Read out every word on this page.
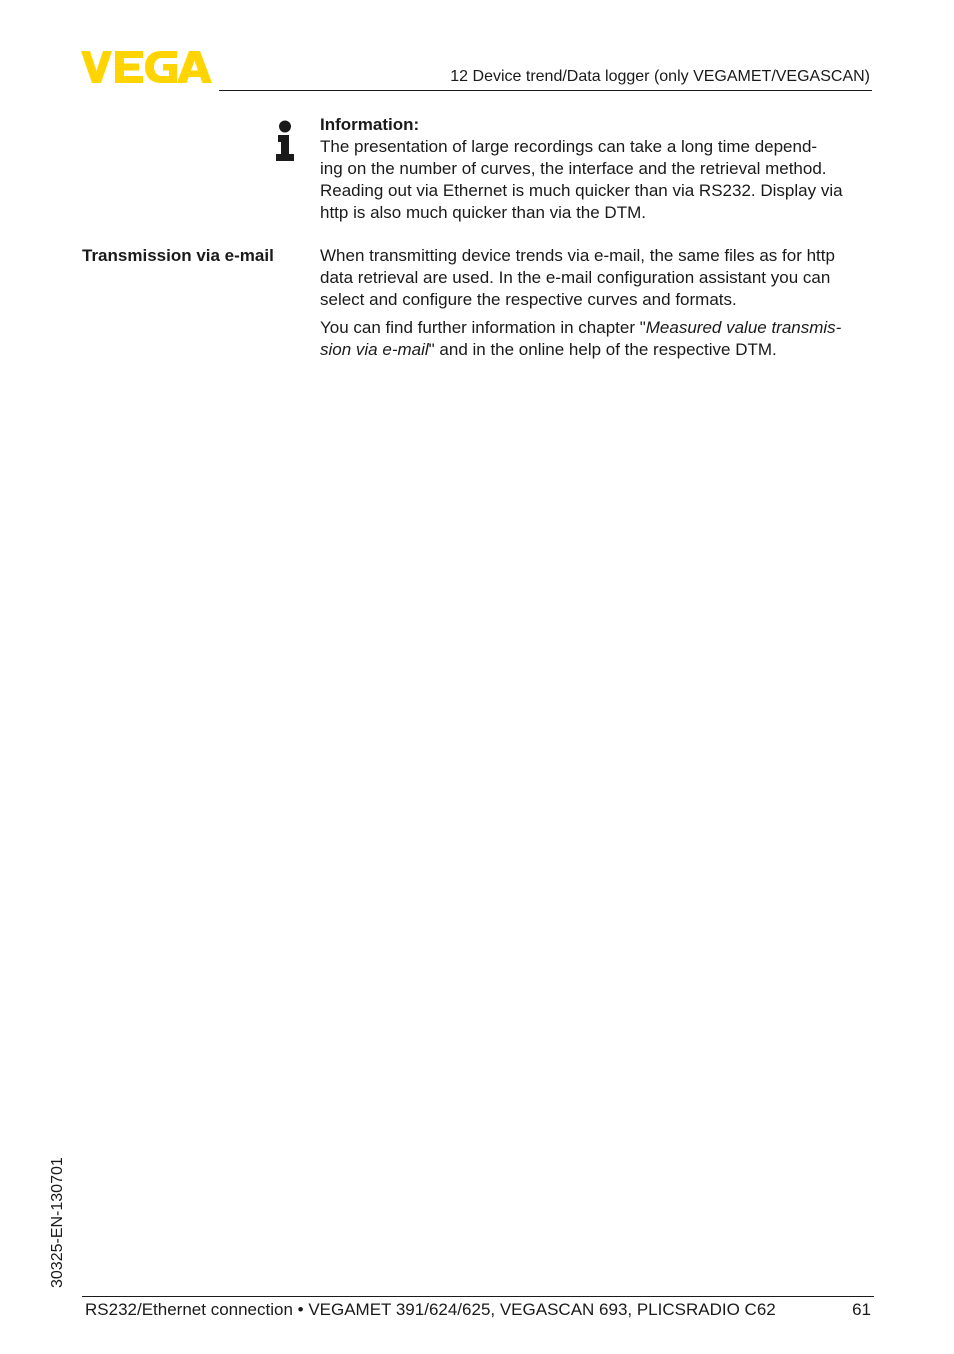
12 Device trend/Data logger (only VEGAMET/VEGASCAN)
Information:
The presentation of large recordings can take a long time depend-
ing on the number of curves, the interface and the retrieval method.
Reading out via Ethernet is much quicker than via RS232. Display via
http is also much quicker than via the DTM.
Transmission via e-mail	When transmitting device trends via e-mail, the same files as for http
data retrieval are used. In the e-mail configuration assistant you can
select and configure the respective curves and formats.

You can find further information in chapter "Measured value transmis-
sion via e-mail" and in the online help of the respective DTM.

30325-EN-130701
RS232/Ethernet connection • VEGAMET 391/624/625, VEGASCAN 693, PLICSRADIO C62	61
